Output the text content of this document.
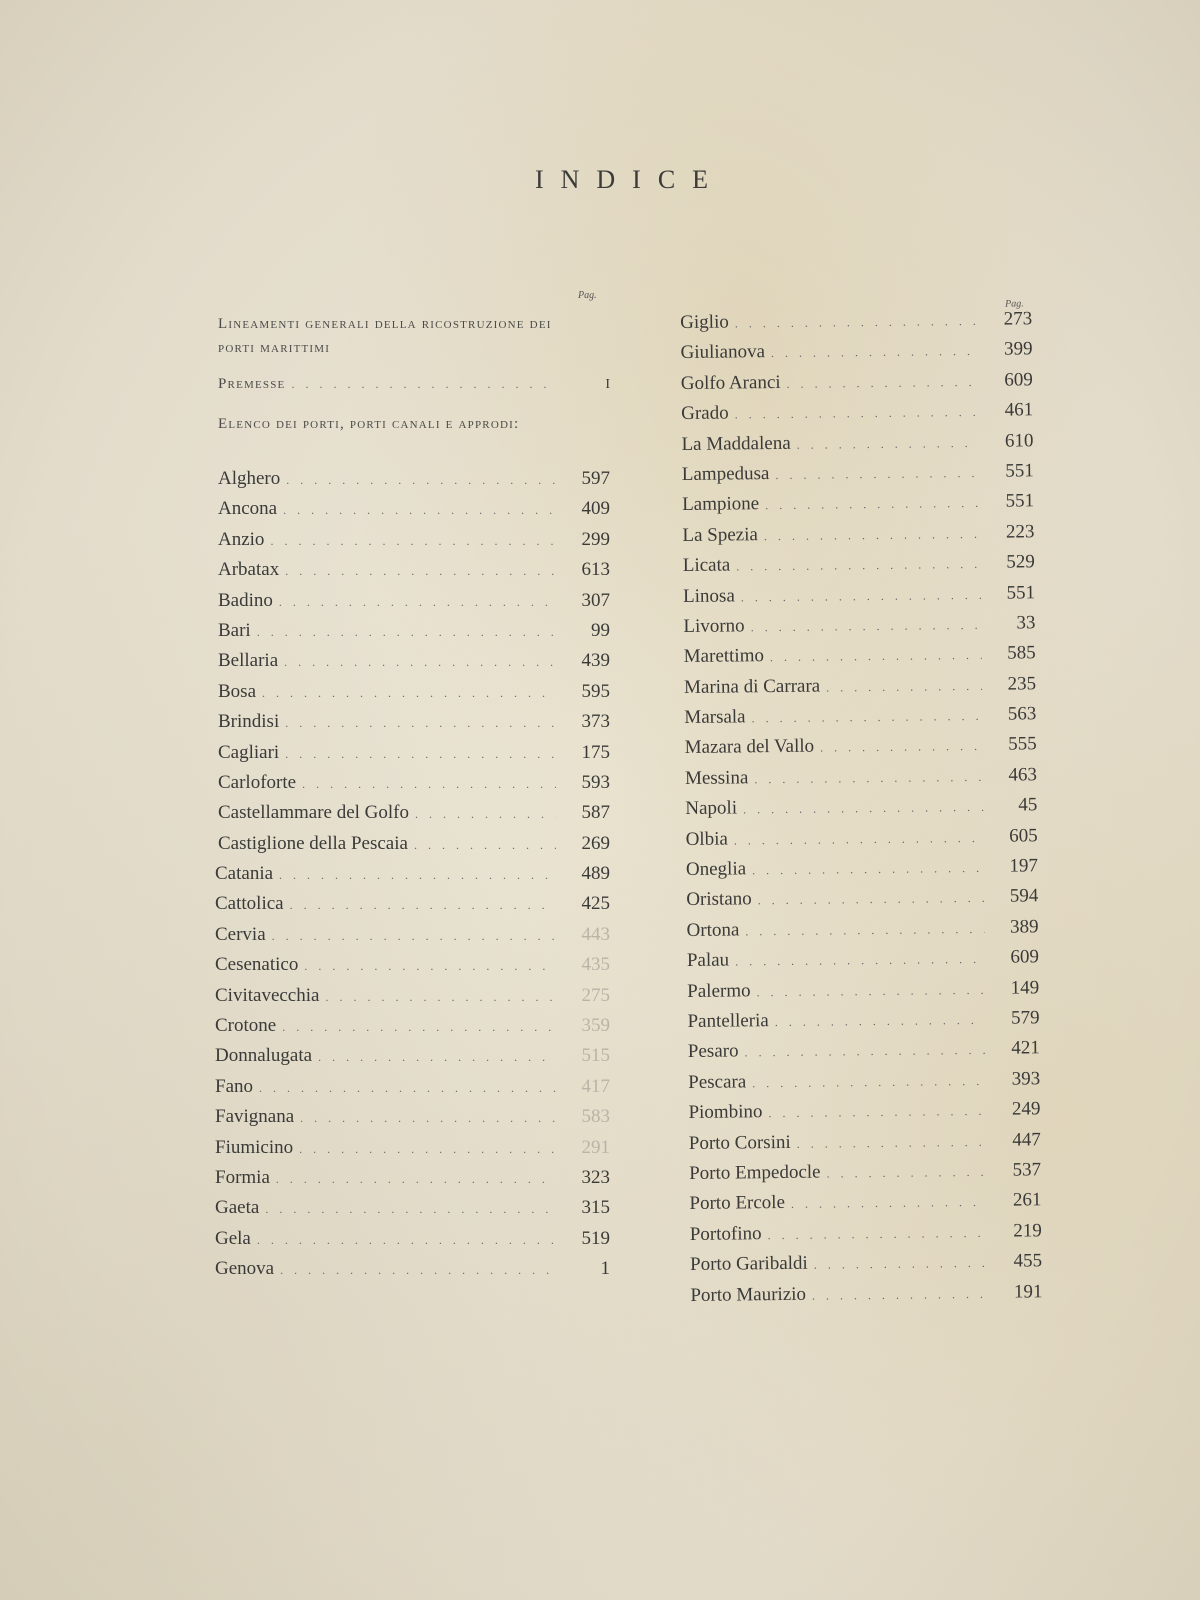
INDICE
Pag.
Lineamenti generali della ricostruzione dei porti marittimi
Premesse . . .	I
Elenco dei porti, porti canali e approdi:
Alghero . . .	597
Ancona . . .	409
Anzio . . .	299
Arbatax . . .	613
Badino . . .	307
Bari . . .	99
Bellaria . . .	439
Bosa . . .	595
Brindisi . . .	373
Cagliari . . .	175
Carloforte . . .	593
Castellammare del Golfo . . .	587
Castiglione della Pescaia . . .	269
Catania . . .	489
Cattolica . . .	425
Cervia . . .	443
Cesenatico . . .	435
Civitavecchia . . .	275
Crotone . . .	359
Donnalugata . . .	515
Fano . . .	417
Favignana . . .	583
Fiumicino . . .	291
Formia . . .	323
Gaeta . . .	315
Gela . . .	519
Genova . . .	1
Pag.
Giglio . . .	273
Giulianova . . .	399
Golfo Aranci . . .	609
Grado . . .	461
La Maddalena . . .	610
Lampedusa . . .	551
Lampione . . .	551
La Spezia . . .	223
Licata . . .	529
Linosa . . .	551
Livorno . . .	33
Marettimo . . .	585
Marina di Carrara . . .	235
Marsala . . .	563
Mazara del Vallo . . .	555
Messina . . .	463
Napoli . . .	45
Olbia . . .	605
Oneglia . . .	197
Oristano . . .	594
Ortona . . .	389
Palau . . .	609
Palermo . . .	149
Pantelleria . . .	579
Pesaro . . .	421
Pescara . . .	393
Piombino . . .	249
Porto Corsini . . .	447
Porto Empedocle . . .	537
Porto Ercole . . .	261
Portofino . . .	219
Porto Garibaldi . . .	455
Porto Maurizio . . .	191
